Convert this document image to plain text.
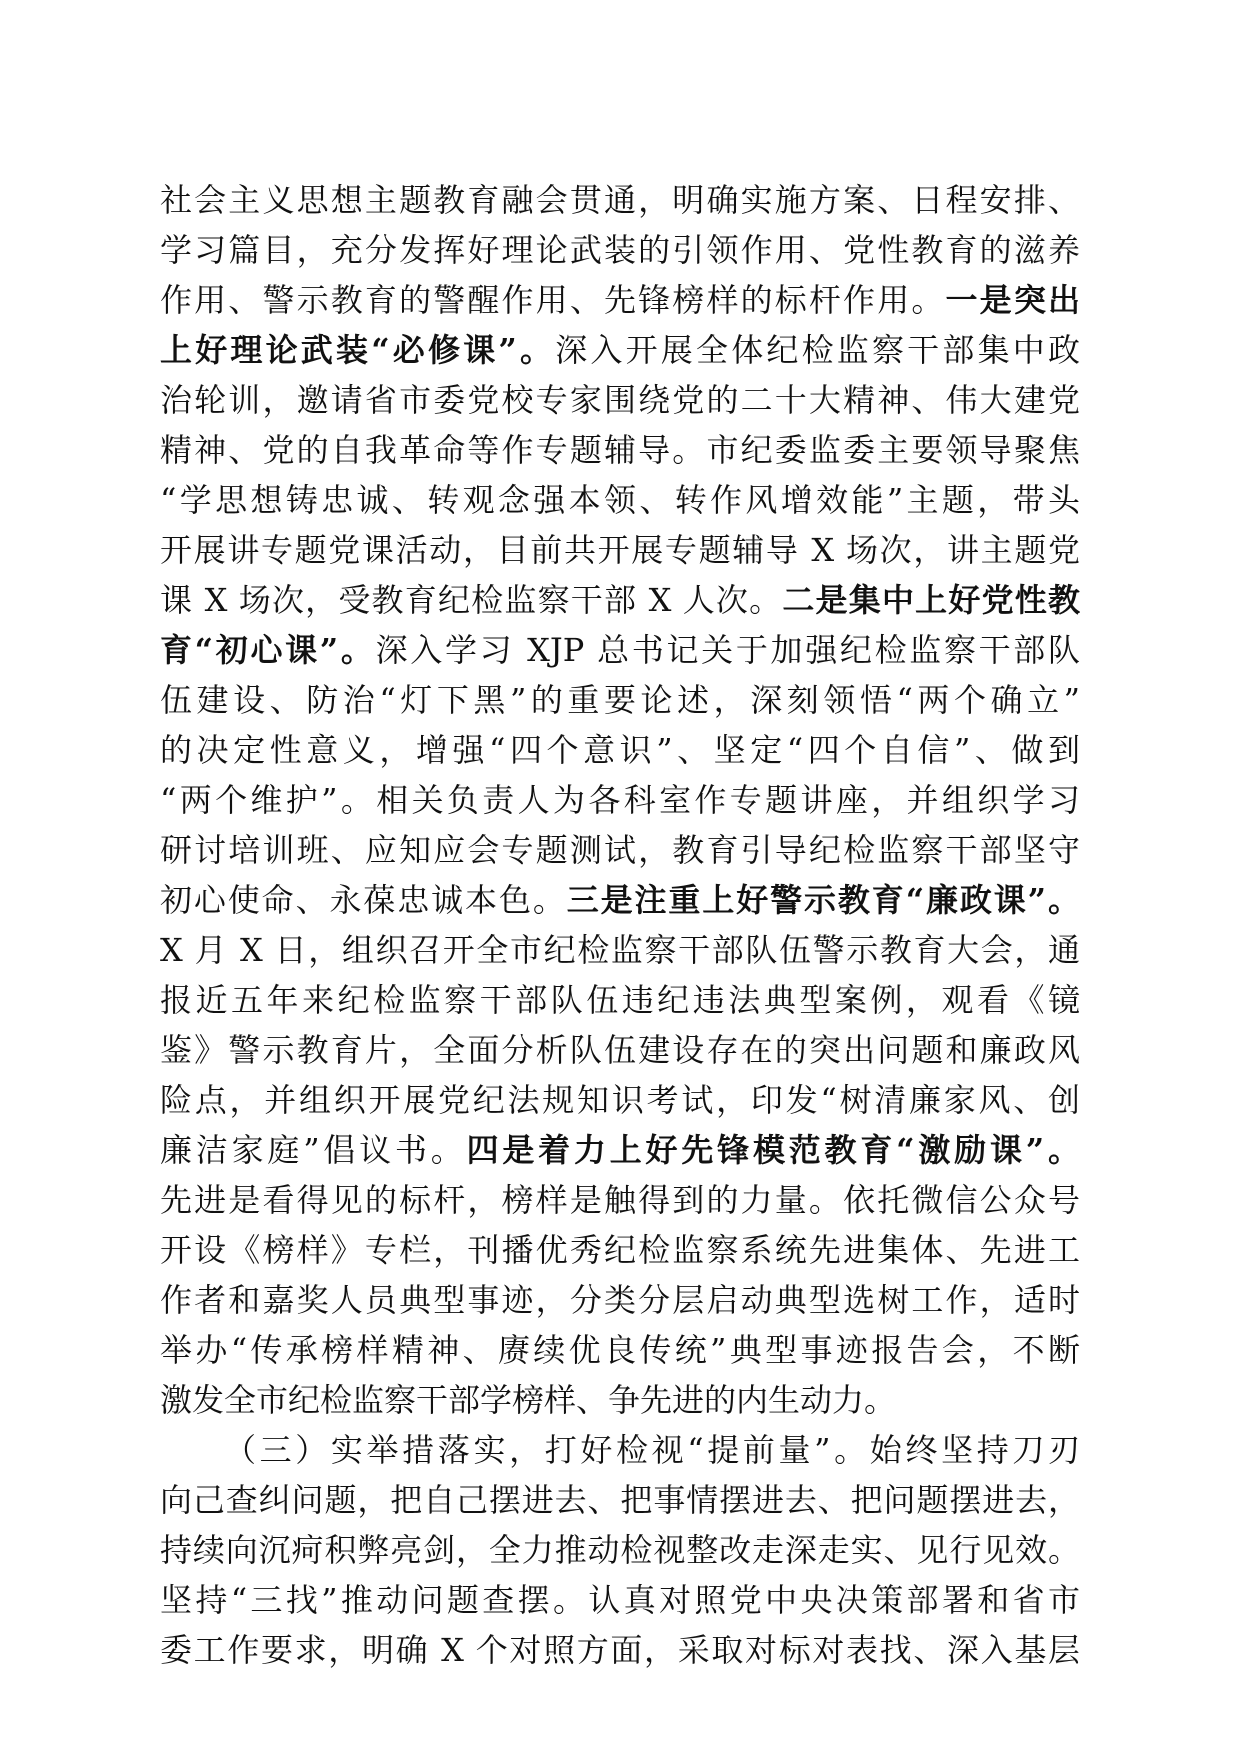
社会主义思想主题教育融会贯通，明确实施方案、日程安排、
学习篇目，充分发挥好理论武装的引领作用、党性教育的滋养
作用、警示教育的警醒作用、先锋榜样的标杆作用。一是突出
上好理论武装“必修课”。深入开展全体纪检监察干部集中政
治轮训，邀请省市委党校专家围绕党的二十大精神、伟大建党
精神、党的自我革命等作专题辅导。市纪委监委主要领导聚焦
“学思想铸忠诚、转观念强本领、转作风增效能”主题，带头
开展讲专题党课活动，目前共开展专题辅导 X 场次，讲主题党
课 X 场次，受教育纪检监察干部 X 人次。二是集中上好党性教
育“初心课”。深入学习 XJP 总书记关于加强纪检监察干部队
伍建设、防治“灯下黑”的重要论述，深刻领悟“两个确立”
的决定性意义，增强“四个意识”、坚定“四个自信”、做到
“两个维护”。相关负责人为各科室作专题讲座，并组织学习
研讨培训班、应知应会专题测试，教育引导纪检监察干部坚守
初心使命、永葆忠诚本色。三是注重上好警示教育“廉政课”。
X 月 X 日，组织召开全市纪检监察干部队伍警示教育大会，通
报近五年来纪检监察干部队伍违纪违法典型案例，观看《镜
鉴》警示教育片，全面分析队伍建设存在的突出问题和廉政风
险点，并组织开展党纪法规知识考试，印发“树清廉家风、创
廉洁家庭”倡议书。四是着力上好先锋模范教育“激励课”。
先进是看得见的标杆，榜样是触得到的力量。依托微信公众号
开设《榜样》专栏，刊播优秀纪检监察系统先进集体、先进工
作者和嘉奖人员典型事迹，分类分层启动典型选树工作，适时
举办“传承榜样精神、赓续优良传统”典型事迹报告会，不断
激发全市纪检监察干部学榜样、争先进的内生动力。
（三）实举措落实，打好检视“提前量”。始终坚持刀刃
向己查纠问题，把自己摆进去、把事情摆进去、把问题摆进去，
持续向沉疴积弊亮剑，全力推动检视整改走深走实、见行见效。
坚持“三找”推动问题查摆。认真对照党中央决策部署和省市
委工作要求，明确 X 个对照方面，采取对标对表找、深入基层
